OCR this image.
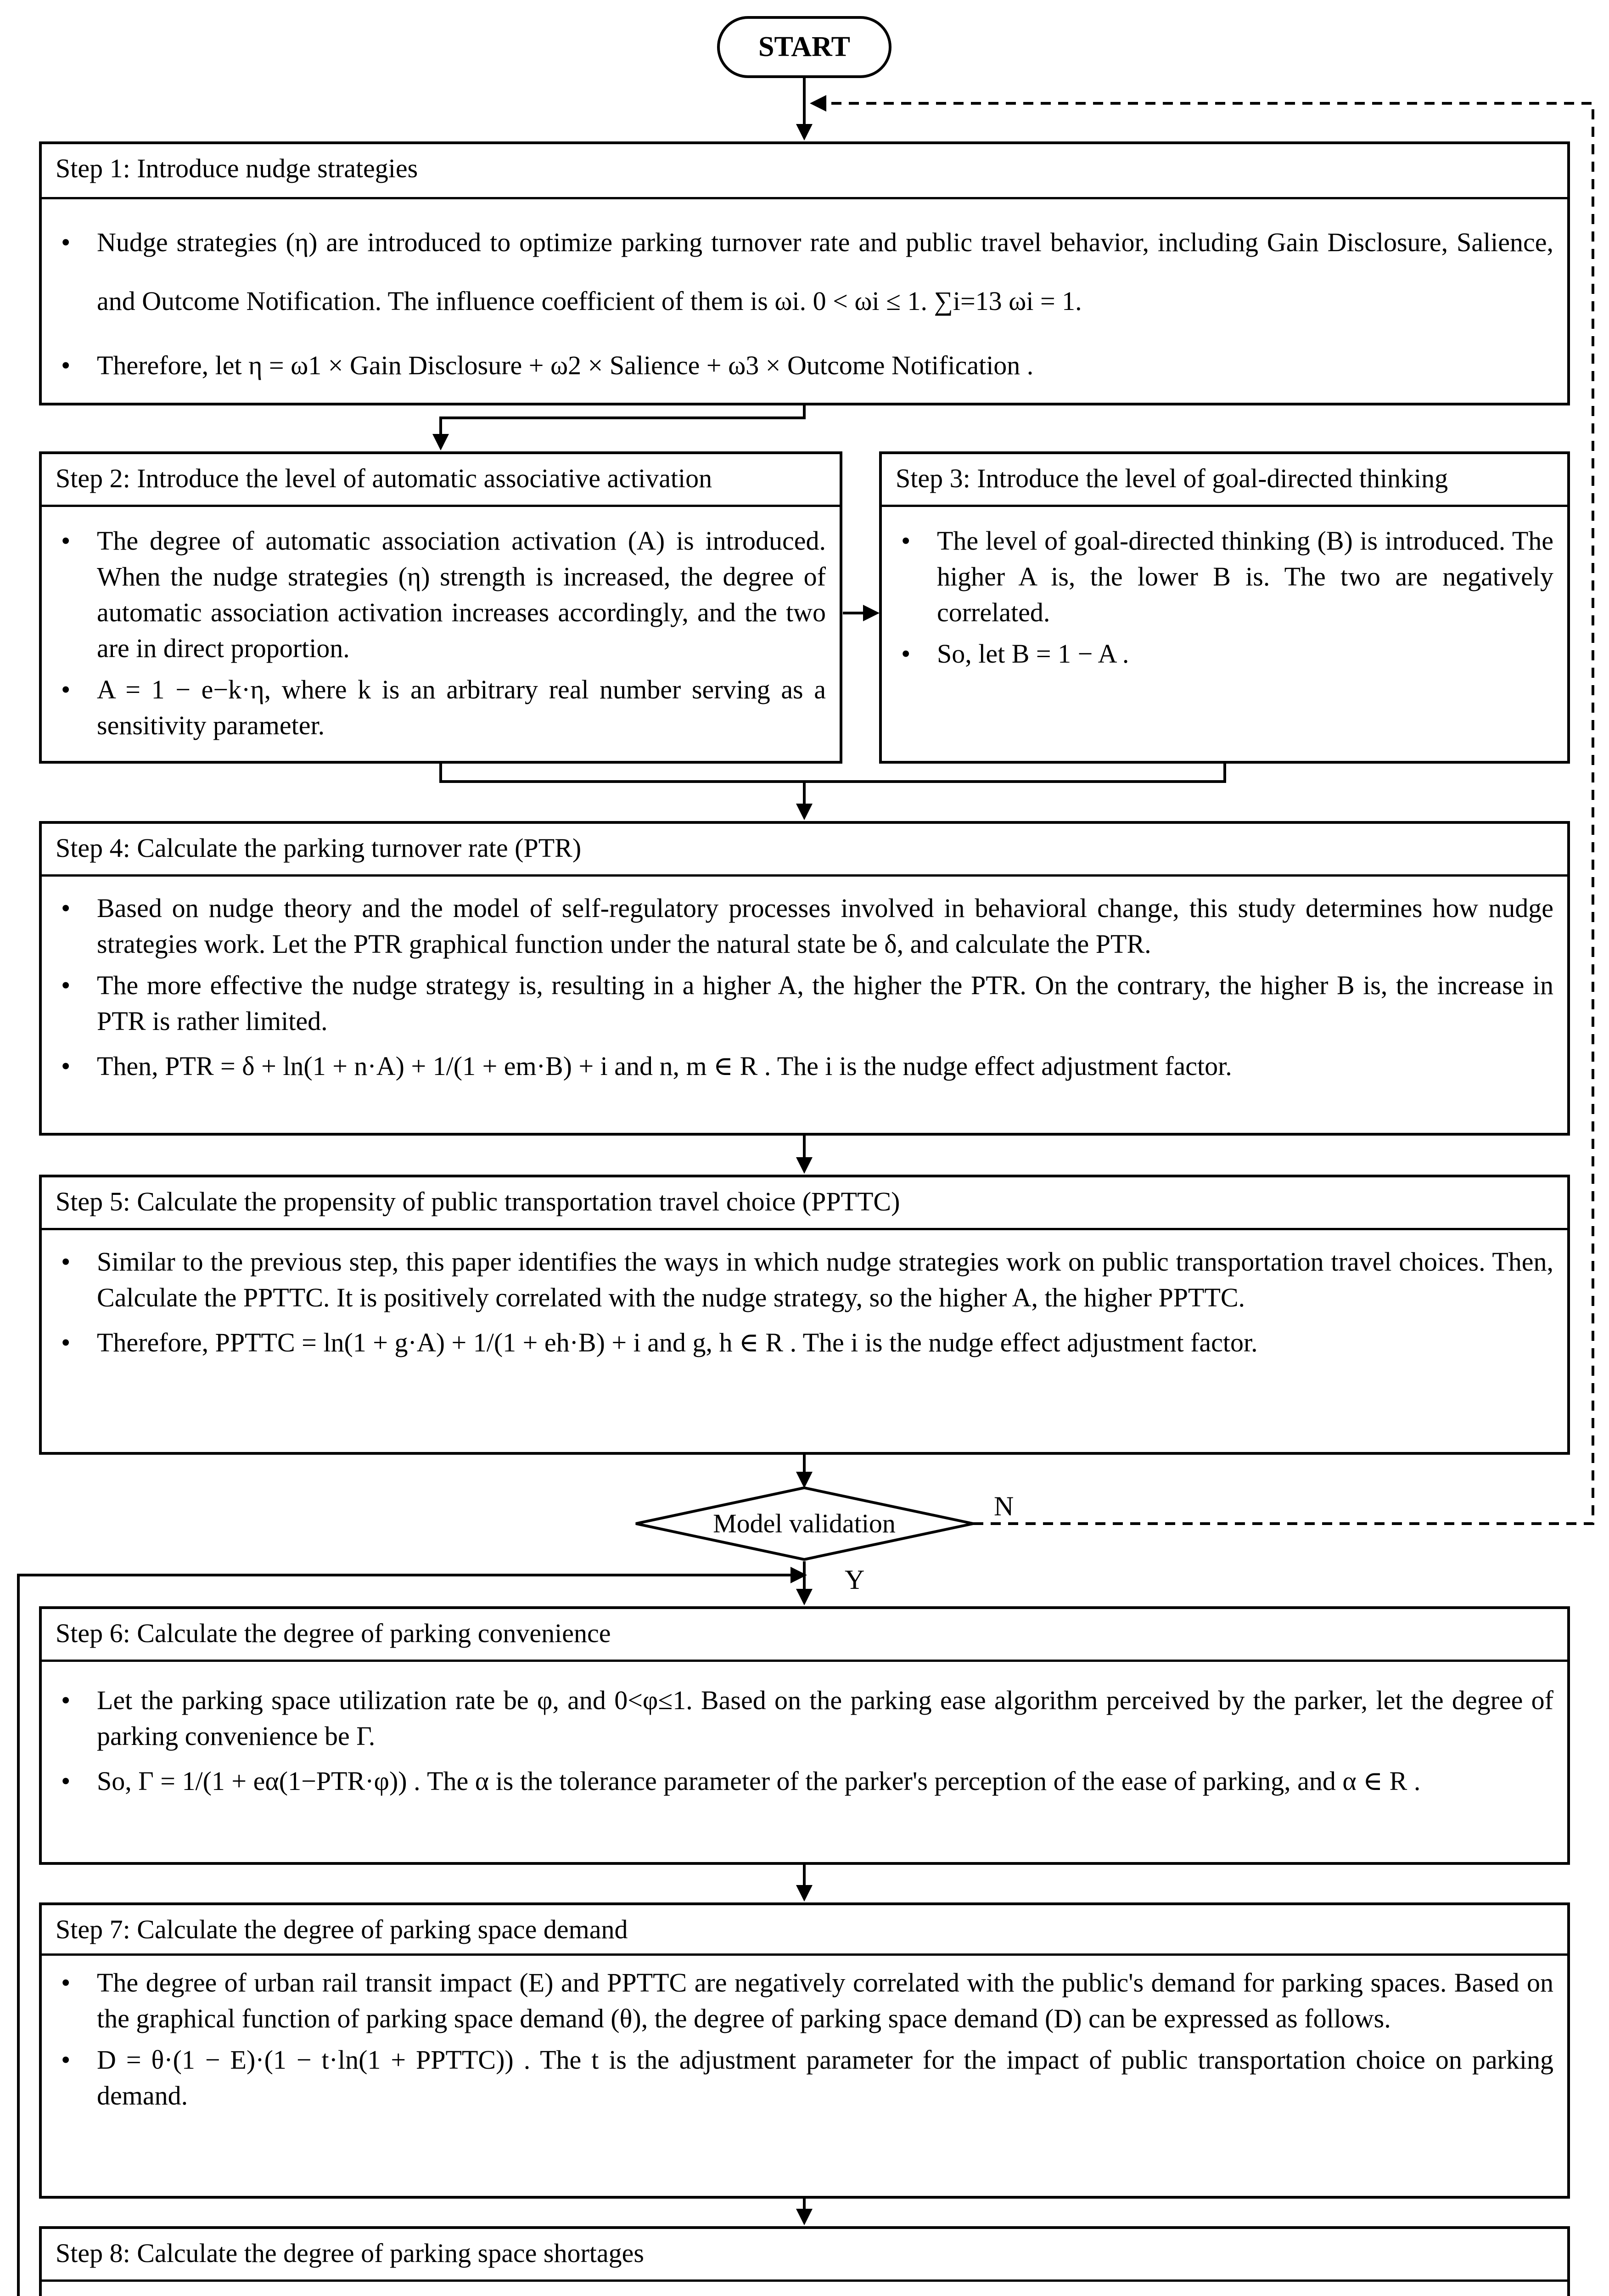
START
Step 1: Introduce nudge strategies
• Nudge strategies (η) are introduced to optimize parking turnover rate and public travel behavior, including Gain Disclosure, Salience, and Outcome Notification. The influence coefficient of them is ωi. 0 < ωi ≤ 1. ∑i=13 ωi = 1.
• Therefore, let η = ω1 × Gain Disclosure + ω2 × Salience + ω3 × Outcome Notification .
Step 2: Introduce the level of automatic associative activation
• The degree of automatic association activation (A) is introduced. When the nudge strategies (η) strength is increased, the degree of automatic association activation increases accordingly, and the two are in direct proportion.
• A = 1 − e−k·η, where k is an arbitrary real number serving as a sensitivity parameter.
Step 3: Introduce the level of goal-directed thinking
• The level of goal-directed thinking (B) is introduced. The higher A is, the lower B is. The two are negatively correlated.
• So, let B = 1 − A .
Step 4: Calculate the parking turnover rate (PTR)
• Based on nudge theory and the model of self-regulatory processes involved in behavioral change, this study determines how nudge strategies work. Let the PTR graphical function under the natural state be δ, and calculate the PTR.
• The more effective the nudge strategy is, resulting in a higher A, the higher the PTR. On the contrary, the higher B is, the increase in PTR is rather limited.
• Then, PTR = δ + ln(1 + n·A) + 1/(1 + em·B) + i and n, m ∈ R . The i is the nudge effect adjustment factor.
Step 5: Calculate the propensity of public transportation travel choice (PPTTC)
• Similar to the previous step, this paper identifies the ways in which nudge strategies work on public transportation travel choices. Then, Calculate the PPTTC. It is positively correlated with the nudge strategy, so the higher A, the higher PPTTC.
• Therefore, PPTTC = ln(1 + g·A) + 1/(1 + eh·B) + i and g, h ∈ R . The i is the nudge effect adjustment factor.
Model validation
N
Y
Step 6: Calculate the degree of parking convenience
• Let the parking space utilization rate be φ, and 0<φ≤1. Based on the parking ease algorithm perceived by the parker, let the degree of parking convenience be Γ.
• So, Γ = 1/(1 + eα(1−PTR·φ)) . The α is the tolerance parameter of the parker's perception of the ease of parking, and α ∈ R .
Step 7: Calculate the degree of parking space demand
• The degree of urban rail transit impact (E) and PPTTC are negatively correlated with the public's demand for parking spaces. Based on the graphical function of parking space demand (θ), the degree of parking space demand (D) can be expressed as follows.
• D = θ·(1 − E)·(1 − t·ln(1 + PPTTC)) . The t is the adjustment parameter for the impact of public transportation choice on parking demand.
Step 8: Calculate the degree of parking space shortages
•
